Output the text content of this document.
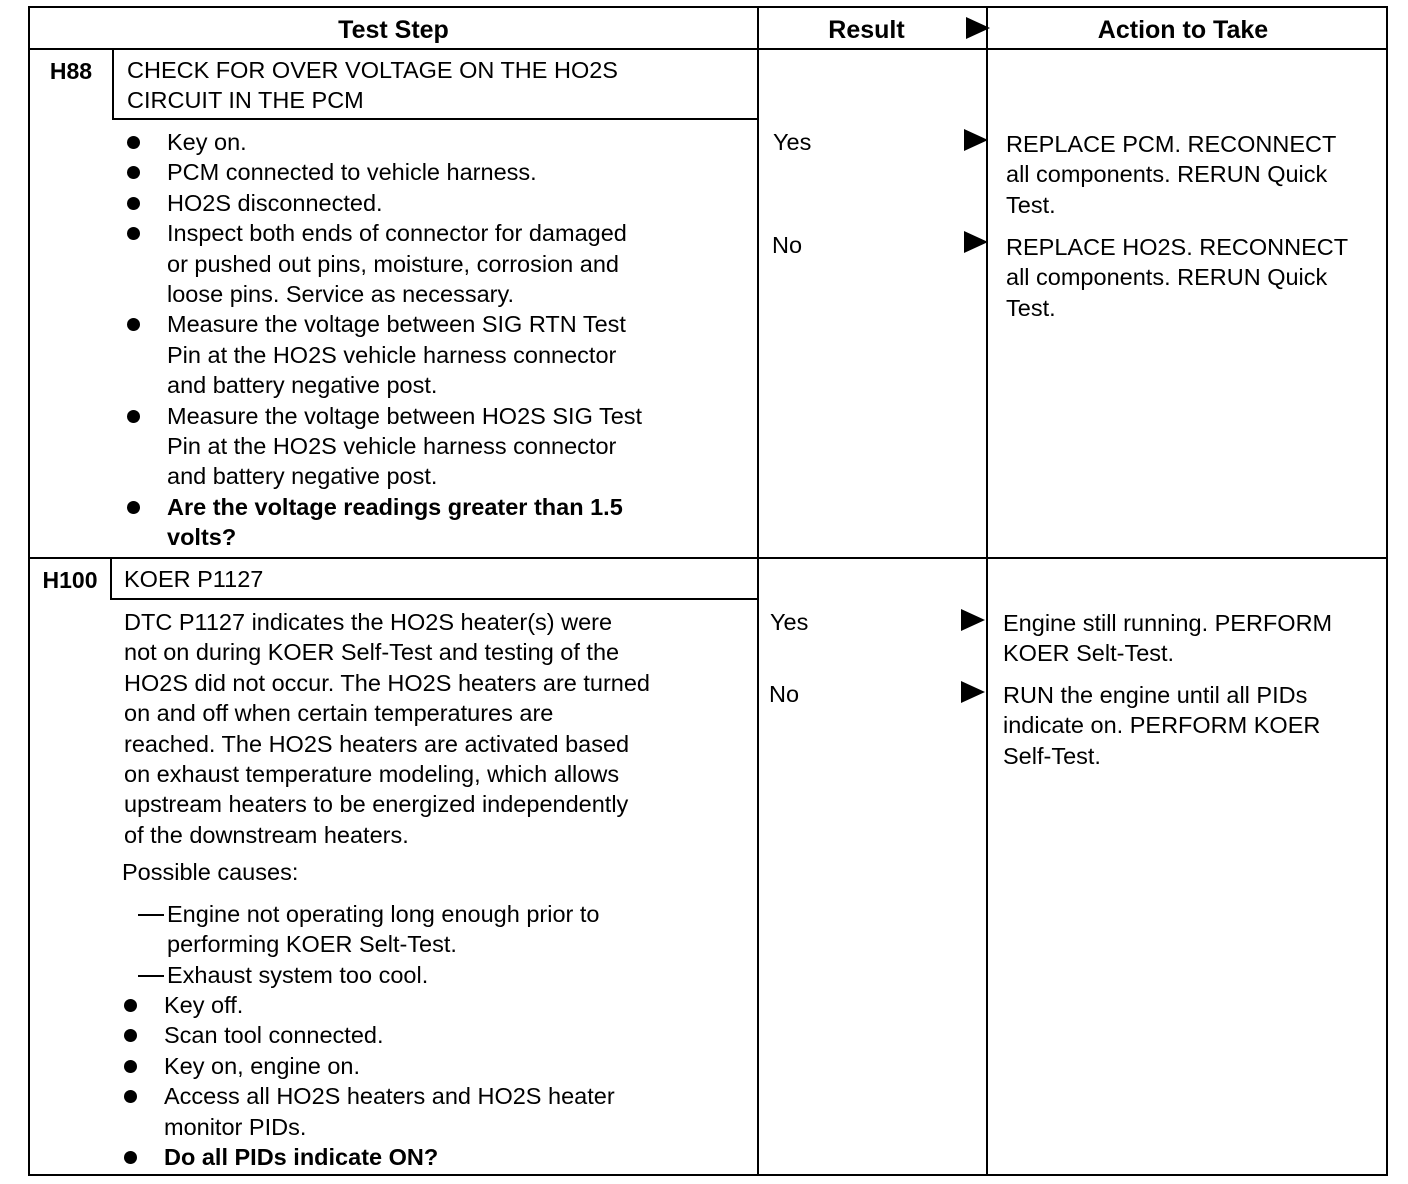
Test Step	Result	Action to Take
H88	CHECK FOR OVER VOLTAGE ON THE HO2S
CIRCUIT IN THE PCM
Key on.
PCM connected to vehicle harness.
HO2S disconnected.
Inspect both ends of connector for damaged
or pushed out pins, moisture, corrosion and
loose pins. Service as necessary.
Measure the voltage between SIG RTN Test
Pin at the HO2S vehicle harness connector
and battery negative post.
Measure the voltage between HO2S SIG Test
Pin at the HO2S vehicle harness connector
and battery negative post.
Are the voltage readings greater than 1.5
volts?
Yes	REPLACE PCM. RECONNECT
all components. RERUN Quick
Test.
No	REPLACE HO2S. RECONNECT
all components. RERUN Quick
Test.
H100	KOER P1127
DTC P1127 indicates the HO2S heater(s) were
not on during KOER Self-Test and testing of the
HO2S did not occur. The HO2S heaters are turned
on and off when certain temperatures are
reached. The HO2S heaters are activated based
on exhaust temperature modeling, which allows
upstream heaters to be energized independently
of the downstream heaters.
Possible causes:
Engine not operating long enough prior to
performing KOER Selt-Test.
Exhaust system too cool.
Key off.
Scan tool connected.
Key on, engine on.
Access all HO2S heaters and HO2S heater
monitor PIDs.
Do all PIDs indicate ON?
Yes	Engine still running. PERFORM
KOER Selt-Test.
No	RUN the engine until all PIDs
indicate on. PERFORM KOER
Self-Test.
